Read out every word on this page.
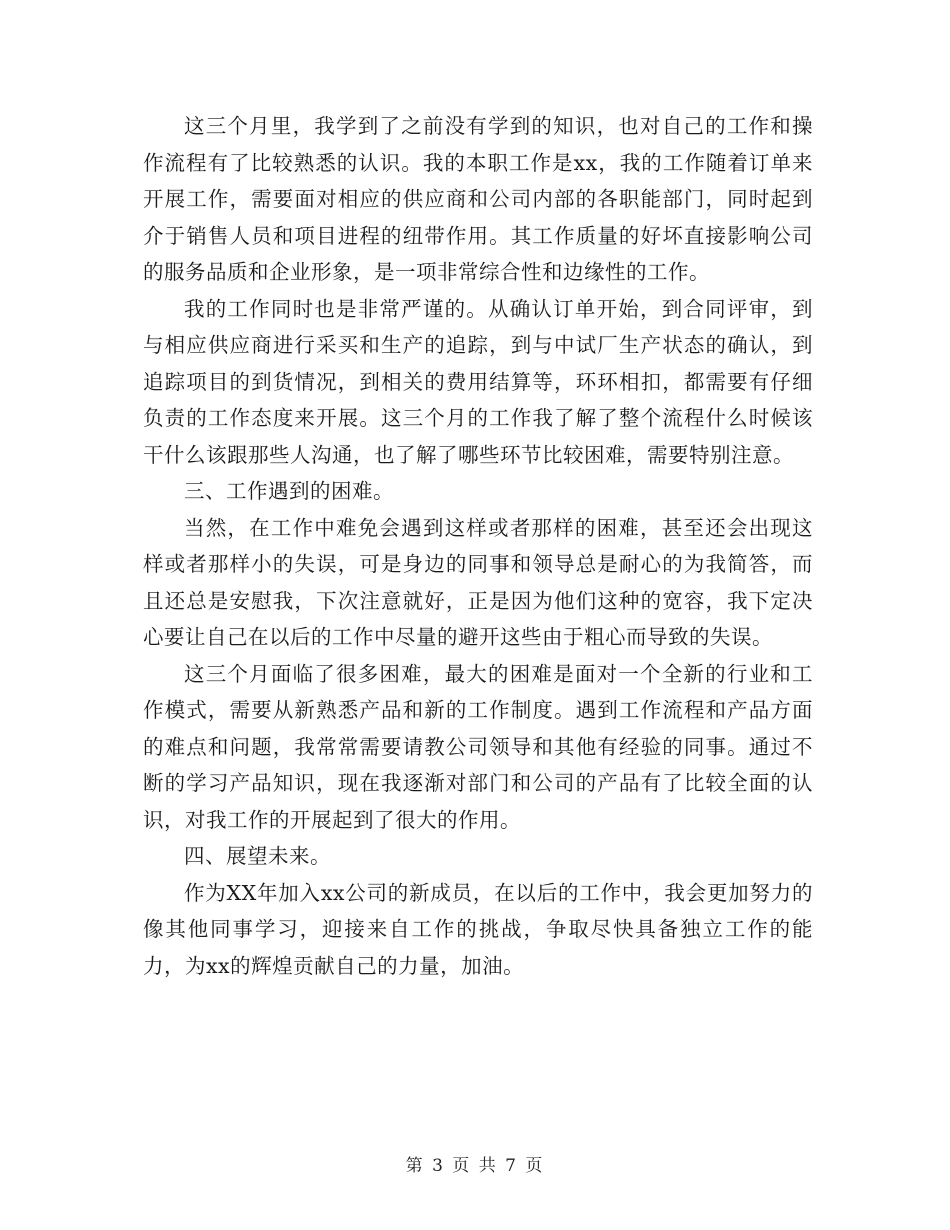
这三个月里，我学到了之前没有学到的知识，也对自己的工作和操作流程有了比较熟悉的认识。我的本职工作是xx，我的工作随着订单来开展工作，需要面对相应的供应商和公司内部的各职能部门，同时起到介于销售人员和项目进程的纽带作用。其工作质量的好坏直接影响公司的服务品质和企业形象，是一项非常综合性和边缘性的工作。

我的工作同时也是非常严谨的。从确认订单开始，到合同评审，到与相应供应商进行采买和生产的追踪，到与中试厂生产状态的确认，到追踪项目的到货情况，到相关的费用结算等，环环相扣，都需要有仔细负责的工作态度来开展。这三个月的工作我了解了整个流程什么时候该干什么该跟那些人沟通，也了解了哪些环节比较困难，需要特别注意。

三、工作遇到的困难。

当然，在工作中难免会遇到这样或者那样的困难，甚至还会出现这样或者那样小的失误，可是身边的同事和领导总是耐心的为我简答，而且还总是安慰我，下次注意就好，正是因为他们这种的宽容，我下定决心要让自己在以后的工作中尽量的避开这些由于粗心而导致的失误。

这三个月面临了很多困难，最大的困难是面对一个全新的行业和工作模式，需要从新熟悉产品和新的工作制度。遇到工作流程和产品方面的难点和问题，我常常需要请教公司领导和其他有经验的同事。通过不断的学习产品知识，现在我逐渐对部门和公司的产品有了比较全面的认识，对我工作的开展起到了很大的作用。

四、展望未来。

作为XX年加入xx公司的新成员，在以后的工作中，我会更加努力的像其他同事学习，迎接来自工作的挑战，争取尽快具备独立工作的能力，为xx的辉煌贡献自己的力量，加油。

第 3 页 共 7 页
